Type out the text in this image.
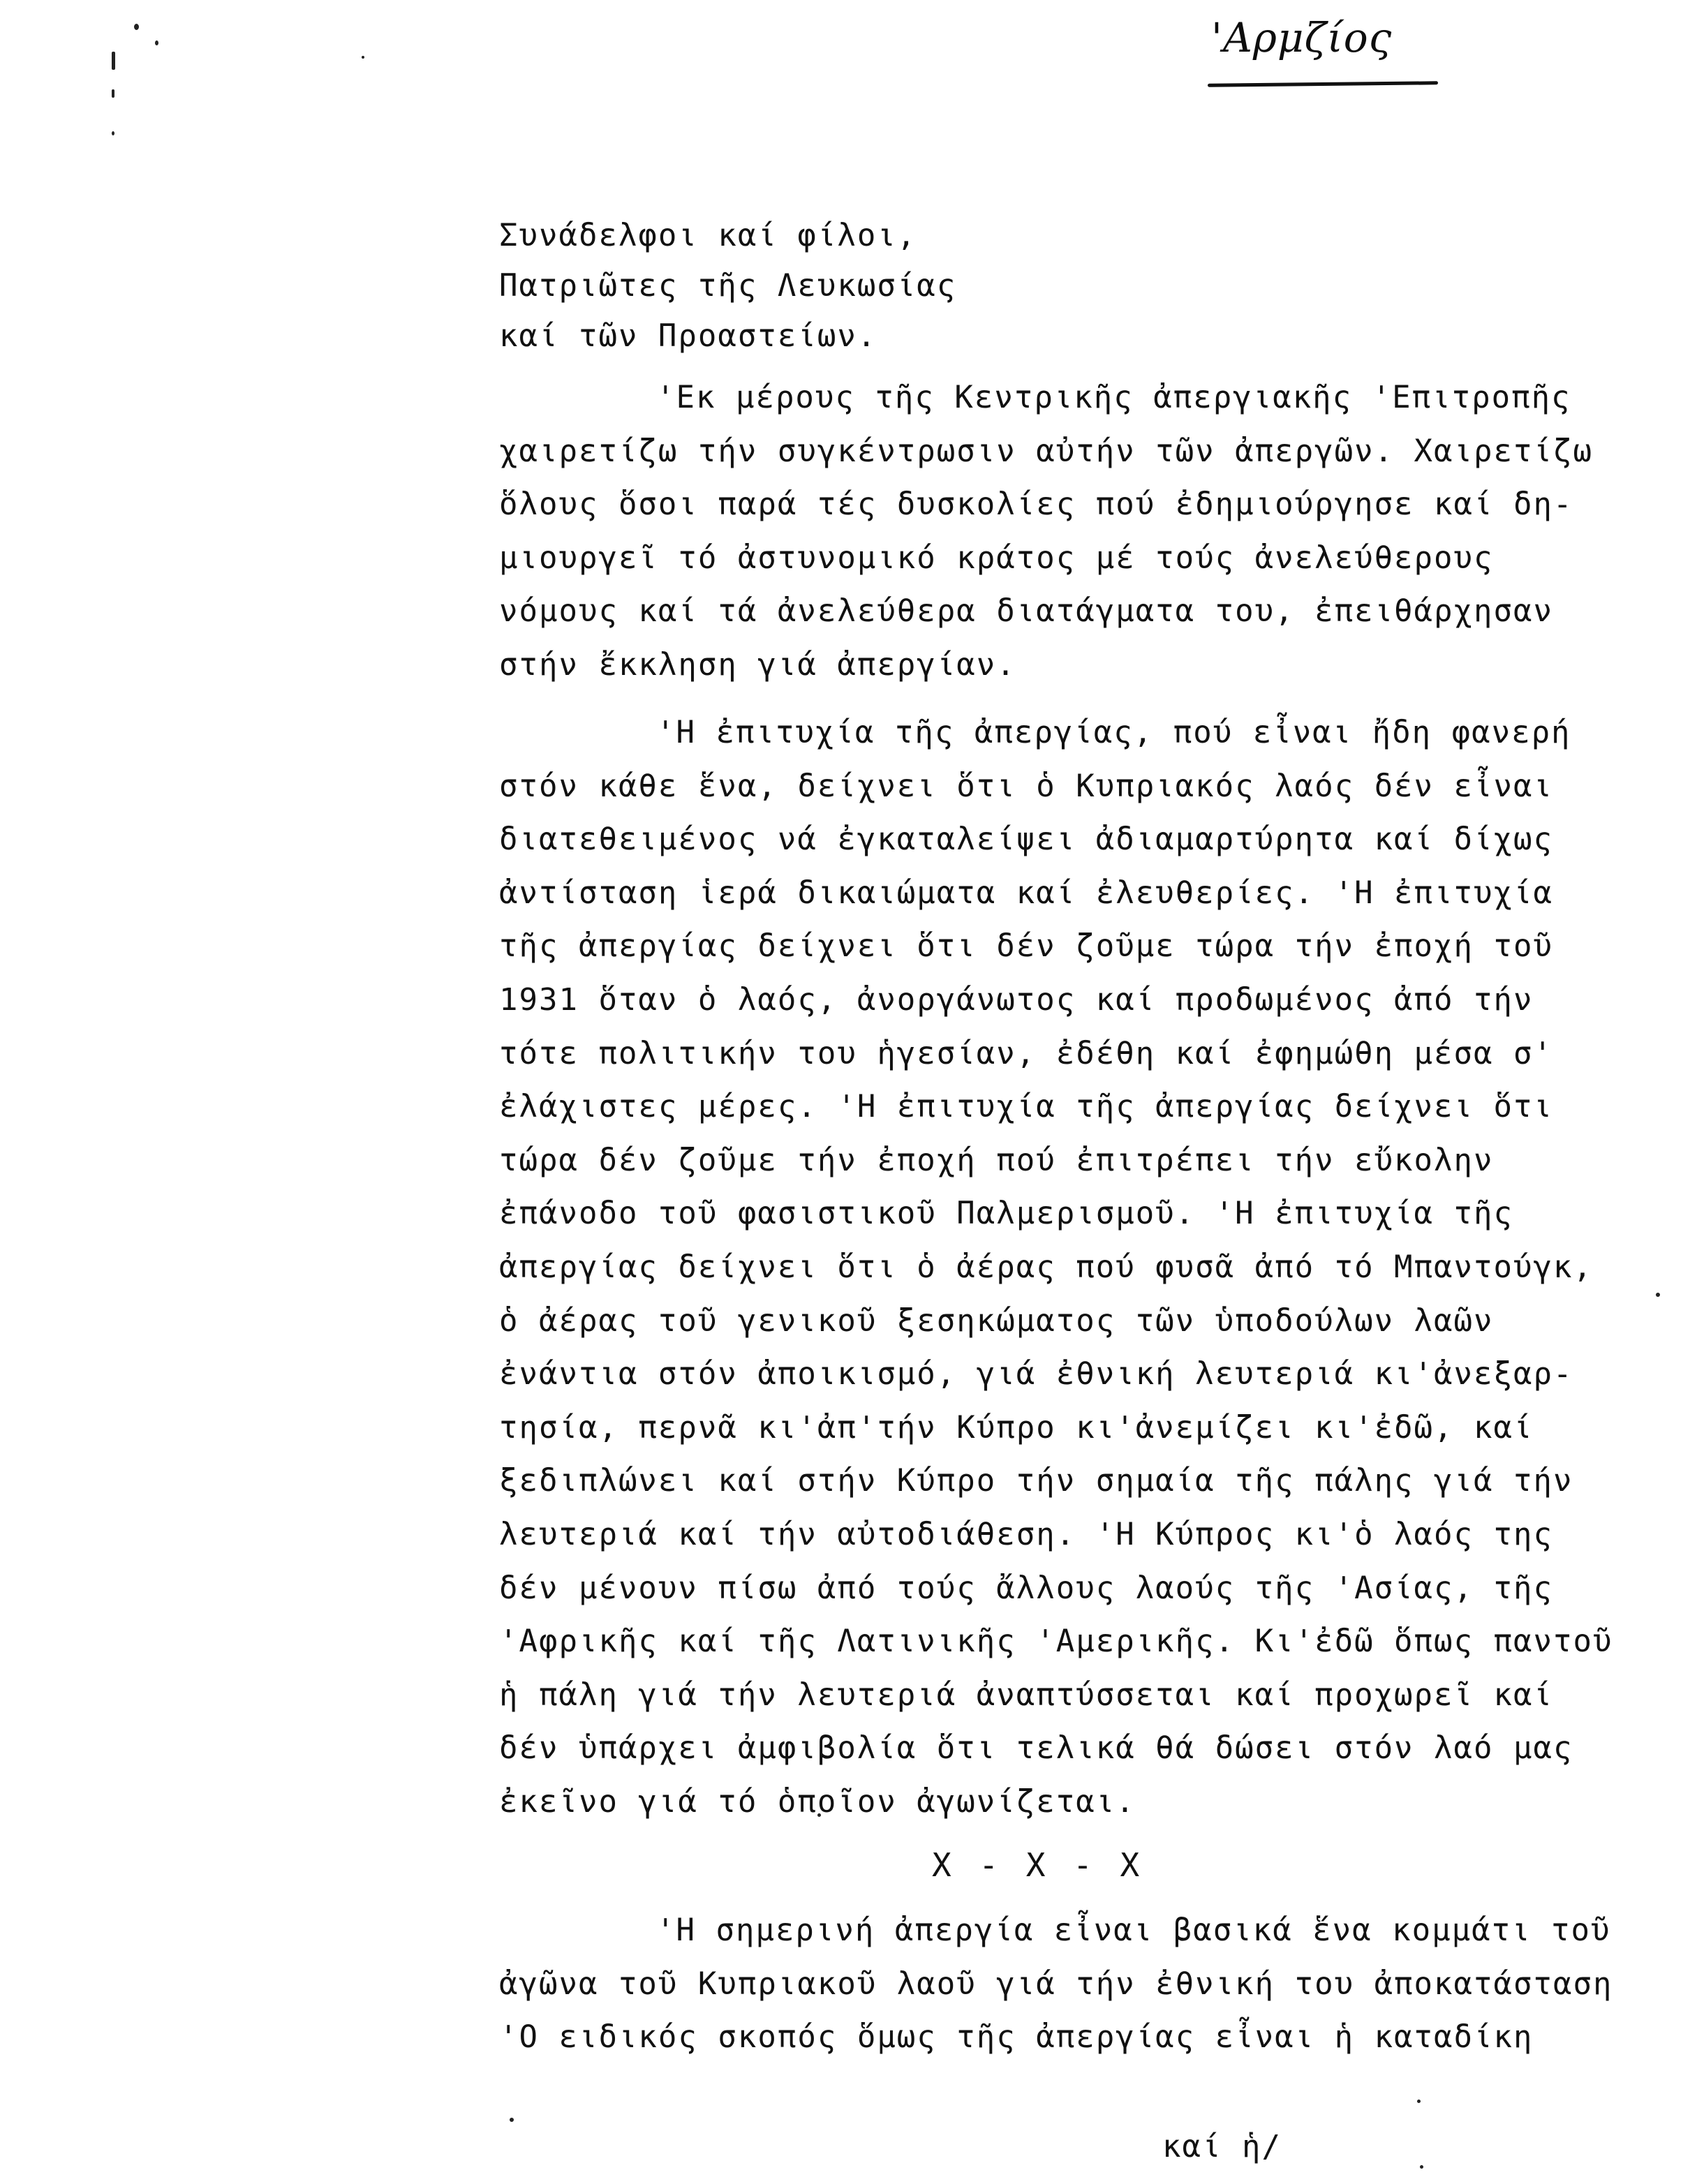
'Αρμζίος
Συνάδελφοι καί φίλοι,
Πατριῶτες τῆς Λευκωσίας
καί τῶν Προαστείων.
'Εκ μέρους τῆς Κεντρικῆς ἀπεργιακῆς 'Επιτροπῆς
χαιρετίζω τήν συγκέντρωσιν αὐτήν τῶν ἀπεργῶν. Χαιρετίζω
ὅλους ὅσοι παρά τές δυσκολίες πού ἐδημιούργησε καί δη-
μιουργεῖ τό ἀστυνομικό κράτος μέ τούς ἀνελεύθερους
νόμους καί τά ἀνελεύθερα διατάγματα του, ἐπειθάρχησαν
στήν ἔκκληση γιά ἀπεργίαν.
'Η ἐπιτυχία τῆς ἀπεργίας, πού εἶναι ἤδη φανερή
στόν κάθε ἕνα, δείχνει ὅτι ὁ Κυπριακός λαός δέν εἶναι
διατεθειμένος νά ἐγκαταλείψει ἀδιαμαρτύρητα καί δίχως
ἀντίσταση ἱερά δικαιώματα καί ἐλευθερίες. 'Η ἐπιτυχία
τῆς ἀπεργίας δείχνει ὅτι δέν ζοῦμε τώρα τήν ἐποχή τοῦ
1931 ὅταν ὁ λαός, ἀνοργάνωτος καί προδωμένος ἀπό τήν
τότε πολιτικήν του ἡγεσίαν, ἐδέθη καί ἐφημώθη μέσα σ'
ἐλάχιστες μέρες. 'Η ἐπιτυχία τῆς ἀπεργίας δείχνει ὅτι
τώρα δέν ζοῦμε τήν ἐποχή πού ἐπιτρέπει τήν εὔκολην
ἐπάνοδο τοῦ φασιστικοῦ Παλμερισμοῦ. 'Η ἐπιτυχία τῆς
ἀπεργίας δείχνει ὅτι ὁ ἀέρας πού φυσᾶ ἀπό τό Μπαντούγκ,
ὁ ἀέρας τοῦ γενικοῦ ξεσηκώματος τῶν ὑποδούλων λαῶν
ἐνάντια στόν ἀποικισμό, γιά ἐθνική λευτεριά κι'ἀνεξαρ-
τησία, περνᾶ κι'ἀπ'τήν Κύπρο κι'ἀνεμίζει κι'ἐδῶ, καί
ξεδιπλώνει καί στήν Κύπρο τήν σημαία τῆς πάλης γιά τήν
λευτεριά καί τήν αὐτοδιάθεση. 'Η Κύπρος κι'ὁ λαός της
δέν μένουν πίσω ἀπό τούς ἄλλους λαούς τῆς 'Ασίας, τῆς
'Αφρικῆς καί τῆς Λατινικῆς 'Αμερικῆς. Κι'ἐδῶ ὅπως παντοῦ
ἡ πάλη γιά τήν λευτεριά ἀναπτύσσεται καί προχωρεῖ καί
δέν ὑπάρχει ἀμφιβολία ὅτι τελικά θά δώσει στόν λαό μας
ἐκεῖνο γιά τό ὁποῖον ἀγωνίζεται.
'Η σημερινή ἀπεργία εἶναι βασικά ἕνα κομμάτι τοῦ
ἀγῶνα τοῦ Κυπριακοῦ λαοῦ γιά τήν ἐθνική του ἀποκατάσταση
'Ο ειδικός σκοπός ὅμως τῆς ἀπεργίας εἶναι ἡ καταδίκη
X - X - X
καί ἡ/
